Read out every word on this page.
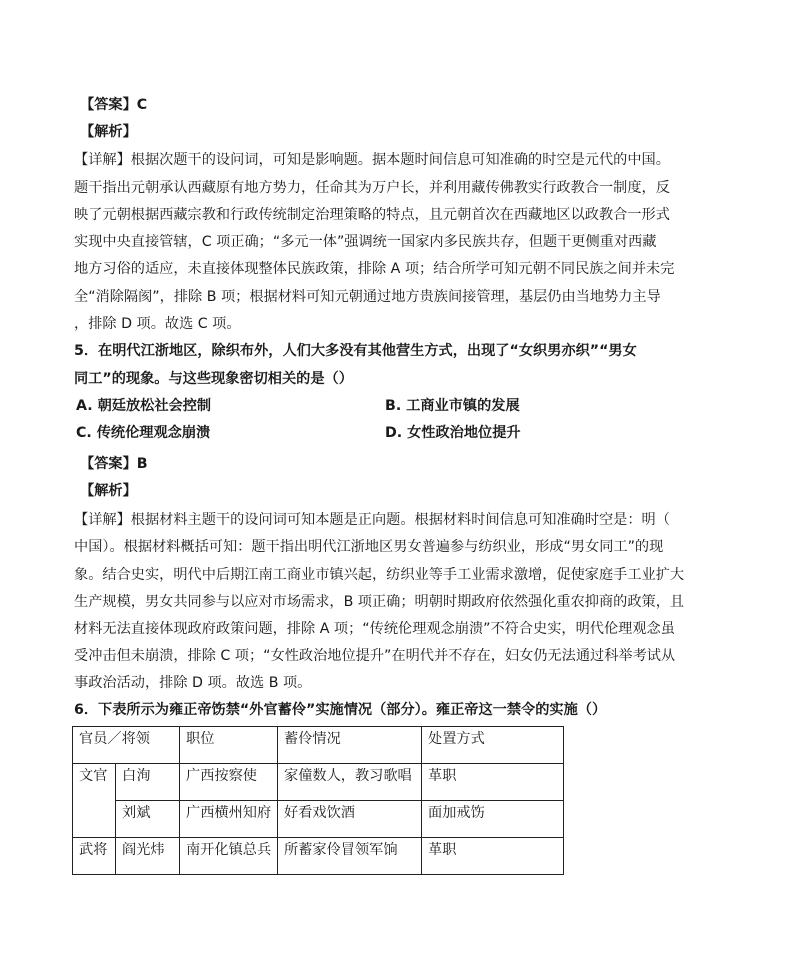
【答案】C
【解析】
【详解】根据次题干的设问词，可知是影响题。据本题时间信息可知准确的时空是元代的中国。
题干指出元朝承认西藏原有地方势力，任命其为万户长，并利用藏传佛教实行政教合一制度，反
映了元朝根据西藏宗教和行政传统制定治理策略的特点，且元朝首次在西藏地区以政教合一形式
实现中央直接管辖，C 项正确；“多元一体”强调统一国家内多民族共存，但题干更侧重对西藏
地方习俗的适应，未直接体现整体民族政策，排除 A 项；结合所学可知元朝不同民族之间并未完
全“消除隔阂”，排除 B 项；根据材料可知元朝通过地方贵族间接管理，基层仍由当地势力主导
，排除 D 项。故选 C 项。
5．在明代江浙地区，除织布外，人们大多没有其他营生方式，出现了“女织男亦织”“男女
同工”的现象。与这些现象密切相关的是（）
A. 朝廷放松社会控制	B. 工商业市镇的发展
C. 传统伦理观念崩溃	D. 女性政治地位提升
【答案】B
【解析】
【详解】根据材料主题干的设问词可知本题是正向题。根据材料时间信息可知准确时空是：明（
中国）。根据材料概括可知：题干指出明代江浙地区男女普遍参与纺织业，形成“男女同工”的现
象。结合史实，明代中后期江南工商业市镇兴起，纺织业等手工业需求激增，促使家庭手工业扩大
生产规模，男女共同参与以应对市场需求，B 项正确；明朝时期政府依然强化重农抑商的政策，且
材料无法直接体现政府政策问题，排除 A 项；“传统伦理观念崩溃”不符合史实，明代伦理观念虽
受冲击但未崩溃，排除 C 项；“女性政治地位提升”在明代并不存在，妇女仍无法通过科举考试从
事政治活动，排除 D 项。故选 B 项。
6．下表所示为雍正帝饬禁“外官蓄伶”实施情况（部分）。雍正帝这一禁令的实施（）
官员／将领		职位	蓄伶情况	处置方式
文官	白洵	广西按察使	家僮数人，教习歌唱	革职
	刘斌	广西横州知府	好看戏饮酒	面加戒饬
武将	阎光炜	南开化镇总兵	所蓄家伶冒领军饷	革职
